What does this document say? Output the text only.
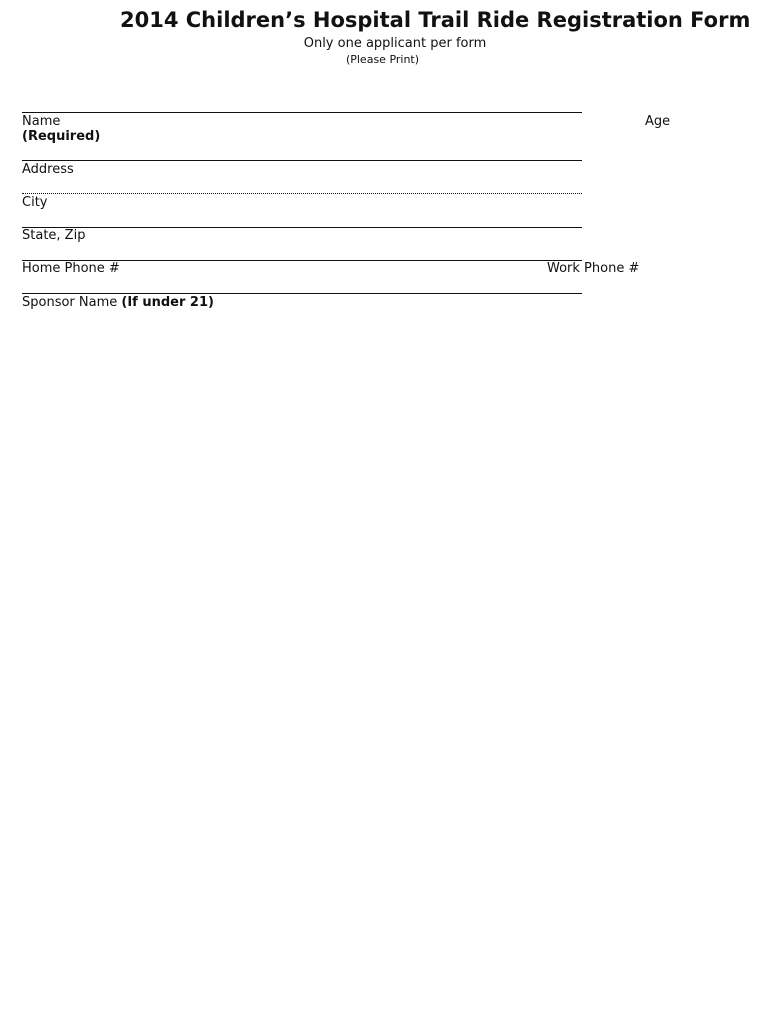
2014 Children’s Hospital Trail Ride Registration Form
Only one applicant per form
(Please Print)
Name
(Required)
Age
Address
City
State, Zip
Home Phone #	Work Phone #
Sponsor Name (If under 21)
